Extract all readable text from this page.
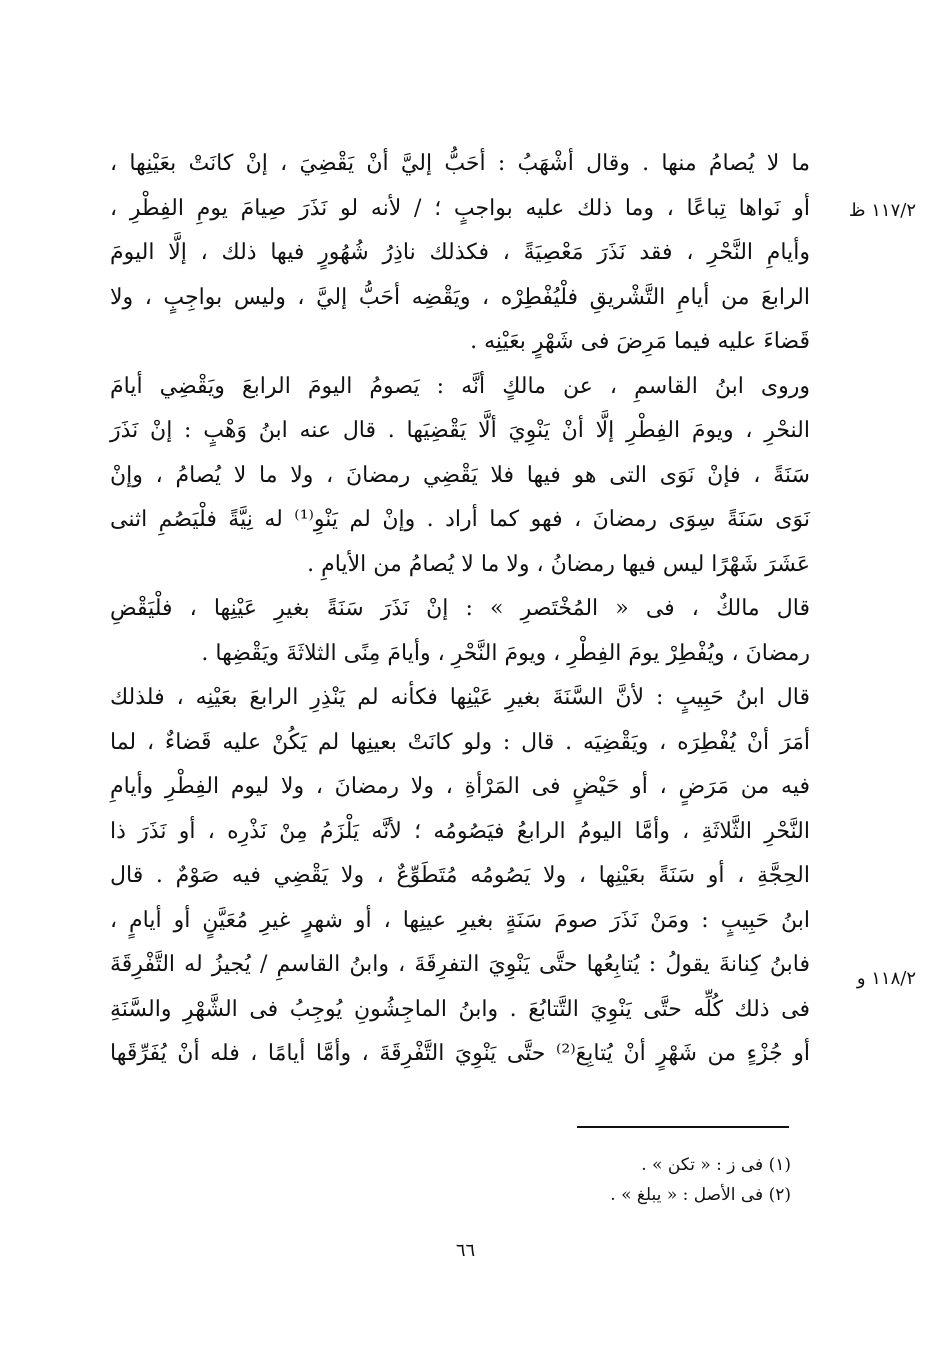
ما لا يُصامُ منها . وقال أشْهَبُ : أحَبُّ إليَّ أنْ يَقْضِيَ ، إنْ كانَتْ بعَيْنِها ،
أو نَواها تِباعًا ، وما ذلك عليه بواجبٍ ؛ / لأنه لو نَذَرَ صِيامَ يومِ الفِطْرِ ،
وأيامِ النَّحْرِ ، فقد نَذَرَ مَعْصِيَةً ، فكذلك ناذِرُ شُهُورٍ فيها ذلك ، إلَّا اليومَ
الرابعَ من أيامِ التَّشْريقِ فلْيُفْطِرْه ، ويَقْضِه أحَبُّ إليَّ ، وليس بواجِبٍ ، ولا
قَضاءَ عليه فيما مَرِضَ فى شَهْرٍ بعَيْنِه .
وروى ابنُ القاسمِ ، عن مالكٍ أنَّه : يَصومُ اليومَ الرابعَ ويَقْضِي أيامَ
النحْرِ ، ويومَ الفِطْرِ إلَّا أنْ يَنْوِيَ ألَّا يَقْضِيَها . قال عنه ابنُ وَهْبٍ : إنْ نَذَرَ
سَنَةً ، فإنْ نَوَى التى هو فيها فلا يَقْضِي رمضانَ ، ولا ما لا يُصامُ ، وإنْ
نَوَى سَنَةً سِوَى رمضانَ ، فهو كما أراد . وإنْ لم يَنْوِ⁽¹⁾ له نِيَّةً فلْيَصُمِ اثنى
عَشَرَ شَهْرًا ليس فيها رمضانُ ، ولا ما لا يُصامُ من الأيامِ .
قال مالكٌ ، فى « المُخْتَصرِ » : إنْ نَذَرَ سَنَةً بغيرِ عَيْنِها ، فلْيَقْضِ
رمضانَ ، ويُفْطِرْ يومَ الفِطْرِ ، ويومَ النَّحْرِ ، وأيامَ مِنًى الثلاثَةَ ويَقْضِها .
قال ابنُ حَبِيبٍ : لأنَّ السَّنَةَ بغيرِ عَيْنِها فكأنه لم يَنْذِرِ الرابعَ بعَيْنِه ، فلذلك
أمَرَ أنْ يُفْطِرَه ، ويَقْضِيَه . قال : ولو كانَتْ بعينِها لم يَكُنْ عليه قَضاءٌ ، لما
فيه من مَرَضٍ ، أو حَيْضٍ فى المَرْأةِ ، ولا رمضانَ ، ولا ليوم الفِطْرِ وأيامِ
النَّحْرِ الثَّلاثَةِ ، وأمَّا اليومُ الرابعُ فيَصُومُه ؛ لأنَّه يَلْزَمُ مِنْ نَذْرِه ، أو نَذَرَ ذا
الحِجَّةِ ، أو سَنَةً بعَيْنِها ، ولا يَصُومُه مُتَطَوِّعٌ ، ولا يَقْضِي فيه صَوْمٌ . قال
ابنُ حَبِيبٍ : ومَنْ نَذَرَ صومَ سَنَةٍ بغيرِ عينِها ، أو شهرٍ غيرِ مُعَيَّنٍ أو أيامٍ ،
فابنُ كِنانةَ يقولُ : يُتابِعُها حتَّى يَنْوِيَ التفرِقَةَ ، وابنُ القاسمِ / يُجيزُ له التَّفْرِقَةَ
فى ذلك كُلِّه حتَّى يَنْوِيَ التَّتابُعَ . وابنُ الماجِشُونِ يُوجِبُ فى الشَّهْرِ والسَّنَةِ
أو جُزْءٍ من شَهْرٍ أنْ يُتابِعَ⁽²⁾ حتَّى يَنْوِيَ التَّفْرِقَةَ ، وأمَّا أيامًا ، فله أنْ يُفَرِّقَها
١١٧/٢ ظ
١١٨/٢ و
(١) فى ز : « تكن » .
(٢) فى الأصل : « يبلغ » .
٦٦
